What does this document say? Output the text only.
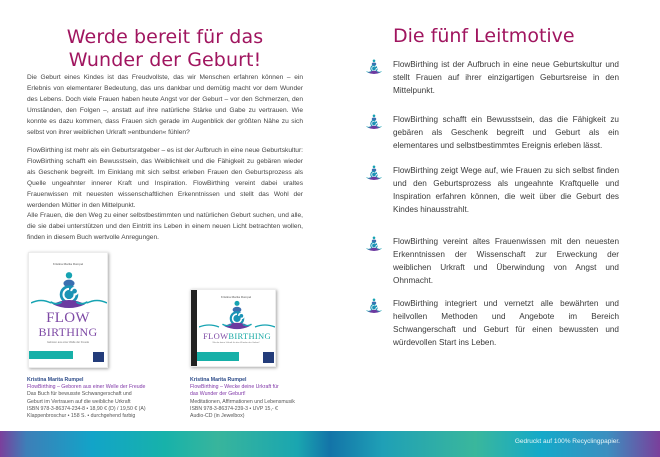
Werde bereit für das
Wunder der Geburt!

Die Geburt eines Kindes ist das Freudvollste, das wir Menschen erfahren können – ein Erlebnis von elementarer Bedeutung, das uns dankbar und demütig macht vor dem Wunder des Lebens. Doch viele Frauen haben heute Angst vor der Geburt – vor den Schmerzen, den Umständen, den Folgen –, anstatt auf ihre natürliche Stärke und Gabe zu vertrauen. Wie konnte es dazu kommen, dass Frauen sich gerade im Augenblick der größten Nähe zu sich selbst von ihrer weiblichen Urkraft »entbunden« fühlen?

FlowBirthing ist mehr als ein Geburtsratgeber – es ist der Aufbruch in eine neue Geburtskultur: FlowBirthing schafft ein Bewusstsein, das Weiblichkeit und die Fähigkeit zu gebären wieder als Geschenk begreift. Im Einklang mit sich selbst erleben Frauen den Geburtsprozess als Quelle ungeahnter innerer Kraft und Inspiration. FlowBirthing vereint dabei uraltes Frauenwissen mit neuesten wissenschaftlichen Erkenntnissen und stellt das Wohl der werdenden Mütter in den Mittelpunkt.

Alle Frauen, die den Weg zu einer selbstbestimmten und natürlichen Geburt suchen, und alle, die sie dabei unterstützen und den Eintritt ins Leben in einem neuen Licht betrachten wollen, finden in diesem Buch wertvolle Anregungen.

Kristina Marita Rumpel
FLOW
BIRTHING
Geboren aus einer Welle der Freude
Kristina Marita Rumpel
FLOWBIRTHING
Wecke deine Urkraft für das Wunder der Geburt!
Kristina Marita Rumpel
FlowBirthing – Geboren aus einer Welle der Freude
Das Buch für bewusste Schwangerschaft und
Geburt im Vertrauen auf die weibliche Urkraft
ISBN 978-3-86374-234-8 • 18,90 € (D) / 19,50 € (A)
Klappenbroschur • 158 S. • durchgehend farbig
Kristina Marita Rumpel
FlowBirthing – Wecke deine Urkraft für
das Wunder der Geburt!
Meditationen, Affirmationen und Lebensmusik
ISBN 978-3-86374-239-3 • UVP 15,- €
Audio-CD (in Jewelbox)
Die fünf Leitmotive

FlowBirthing ist der Aufbruch in eine neue Geburtskultur und stellt Frauen auf ihrer einzigartigen Geburtsreise in den Mittelpunkt.

FlowBirthing schafft ein Bewusstsein, das die Fähigkeit zu gebären als Geschenk begreift und Geburt als ein elementares und selbstbestimmtes Ereignis erleben lässt.

FlowBirthing zeigt Wege auf, wie Frauen zu sich selbst finden und den Geburtsprozess als ungeahnte Kraftquelle und Inspiration erfahren können, die weit über die Geburt des Kindes hinausstrahlt.

FlowBirthing vereint altes Frauenwissen mit den neuesten Erkenntnissen der Wissenschaft zur Erweckung der weiblichen Urkraft und Überwindung von Angst und Ohnmacht.

FlowBirthing integriert und vernetzt alle bewährten und heilvollen Methoden und Angebote im Bereich Schwangerschaft und Geburt für einen bewussten und würdevollen Start ins Leben.

Gedruckt auf 100% Recyclingpapier.
